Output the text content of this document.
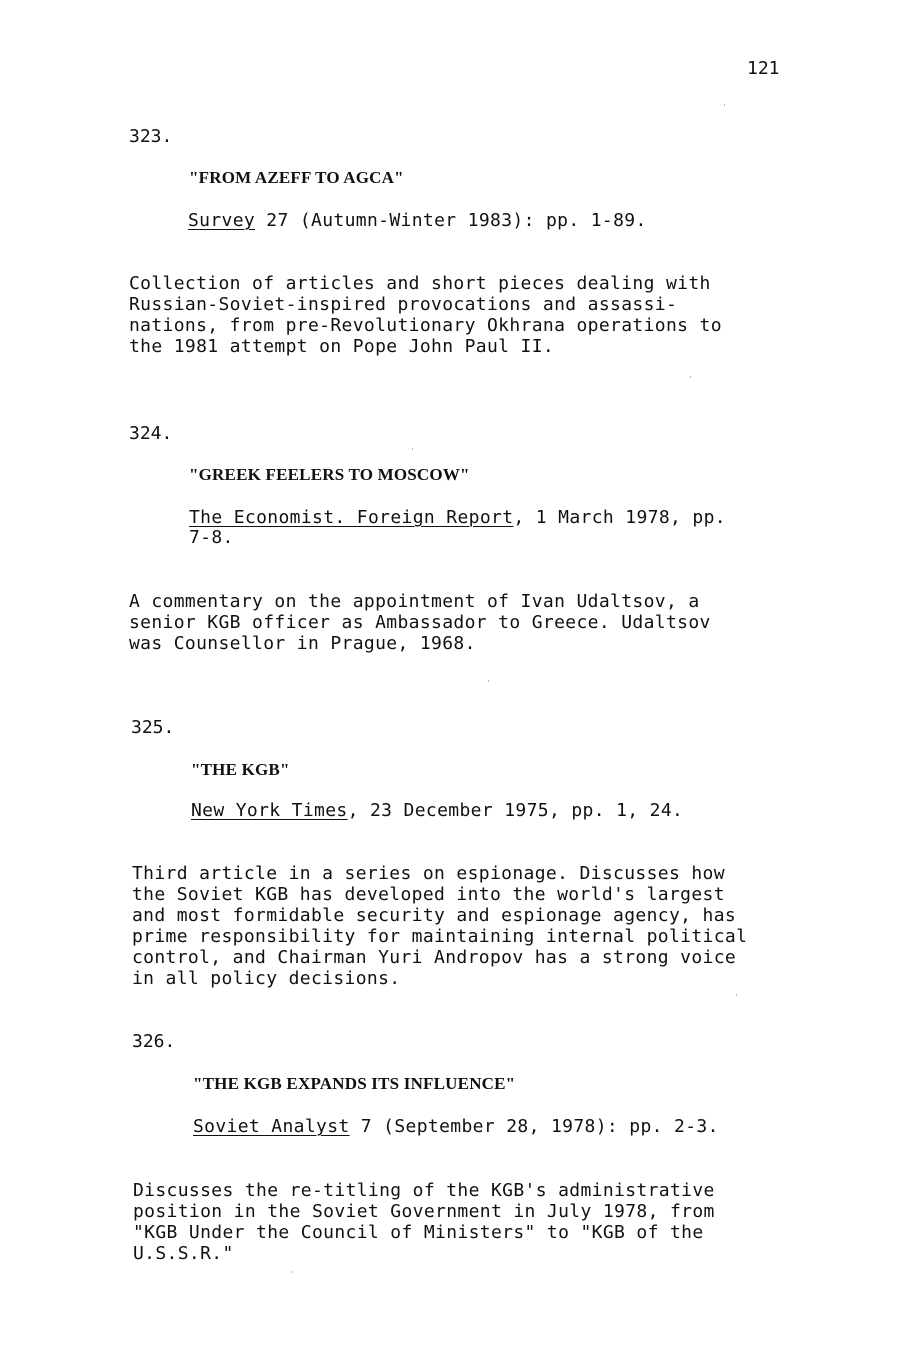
121
323.
"FROM AZEFF TO AGCA"
Survey 27 (Autumn-Winter 1983): pp. 1-89.
Collection of articles and short pieces dealing with
Russian-Soviet-inspired provocations and assassi-
nations, from pre-Revolutionary Okhrana operations to
the 1981 attempt on Pope John Paul II.
324.
"GREEK FEELERS TO MOSCOW"
The Economist. Foreign Report, 1 March 1978, pp.
7-8.
A commentary on the appointment of Ivan Udaltsov, a
senior KGB officer as Ambassador to Greece. Udaltsov
was Counsellor in Prague, 1968.
325.
"THE KGB"
New York Times, 23 December 1975, pp. 1, 24.
Third article in a series on espionage. Discusses how
the Soviet KGB has developed into the world's largest
and most formidable security and espionage agency, has
prime responsibility for maintaining internal political
control, and Chairman Yuri Andropov has a strong voice
in all policy decisions.
326.
"THE KGB EXPANDS ITS INFLUENCE"
Soviet Analyst 7 (September 28, 1978): pp. 2-3.
Discusses the re-titling of the KGB's administrative
position in the Soviet Government in July 1978, from
"KGB Under the Council of Ministers" to "KGB of the
U.S.S.R."
